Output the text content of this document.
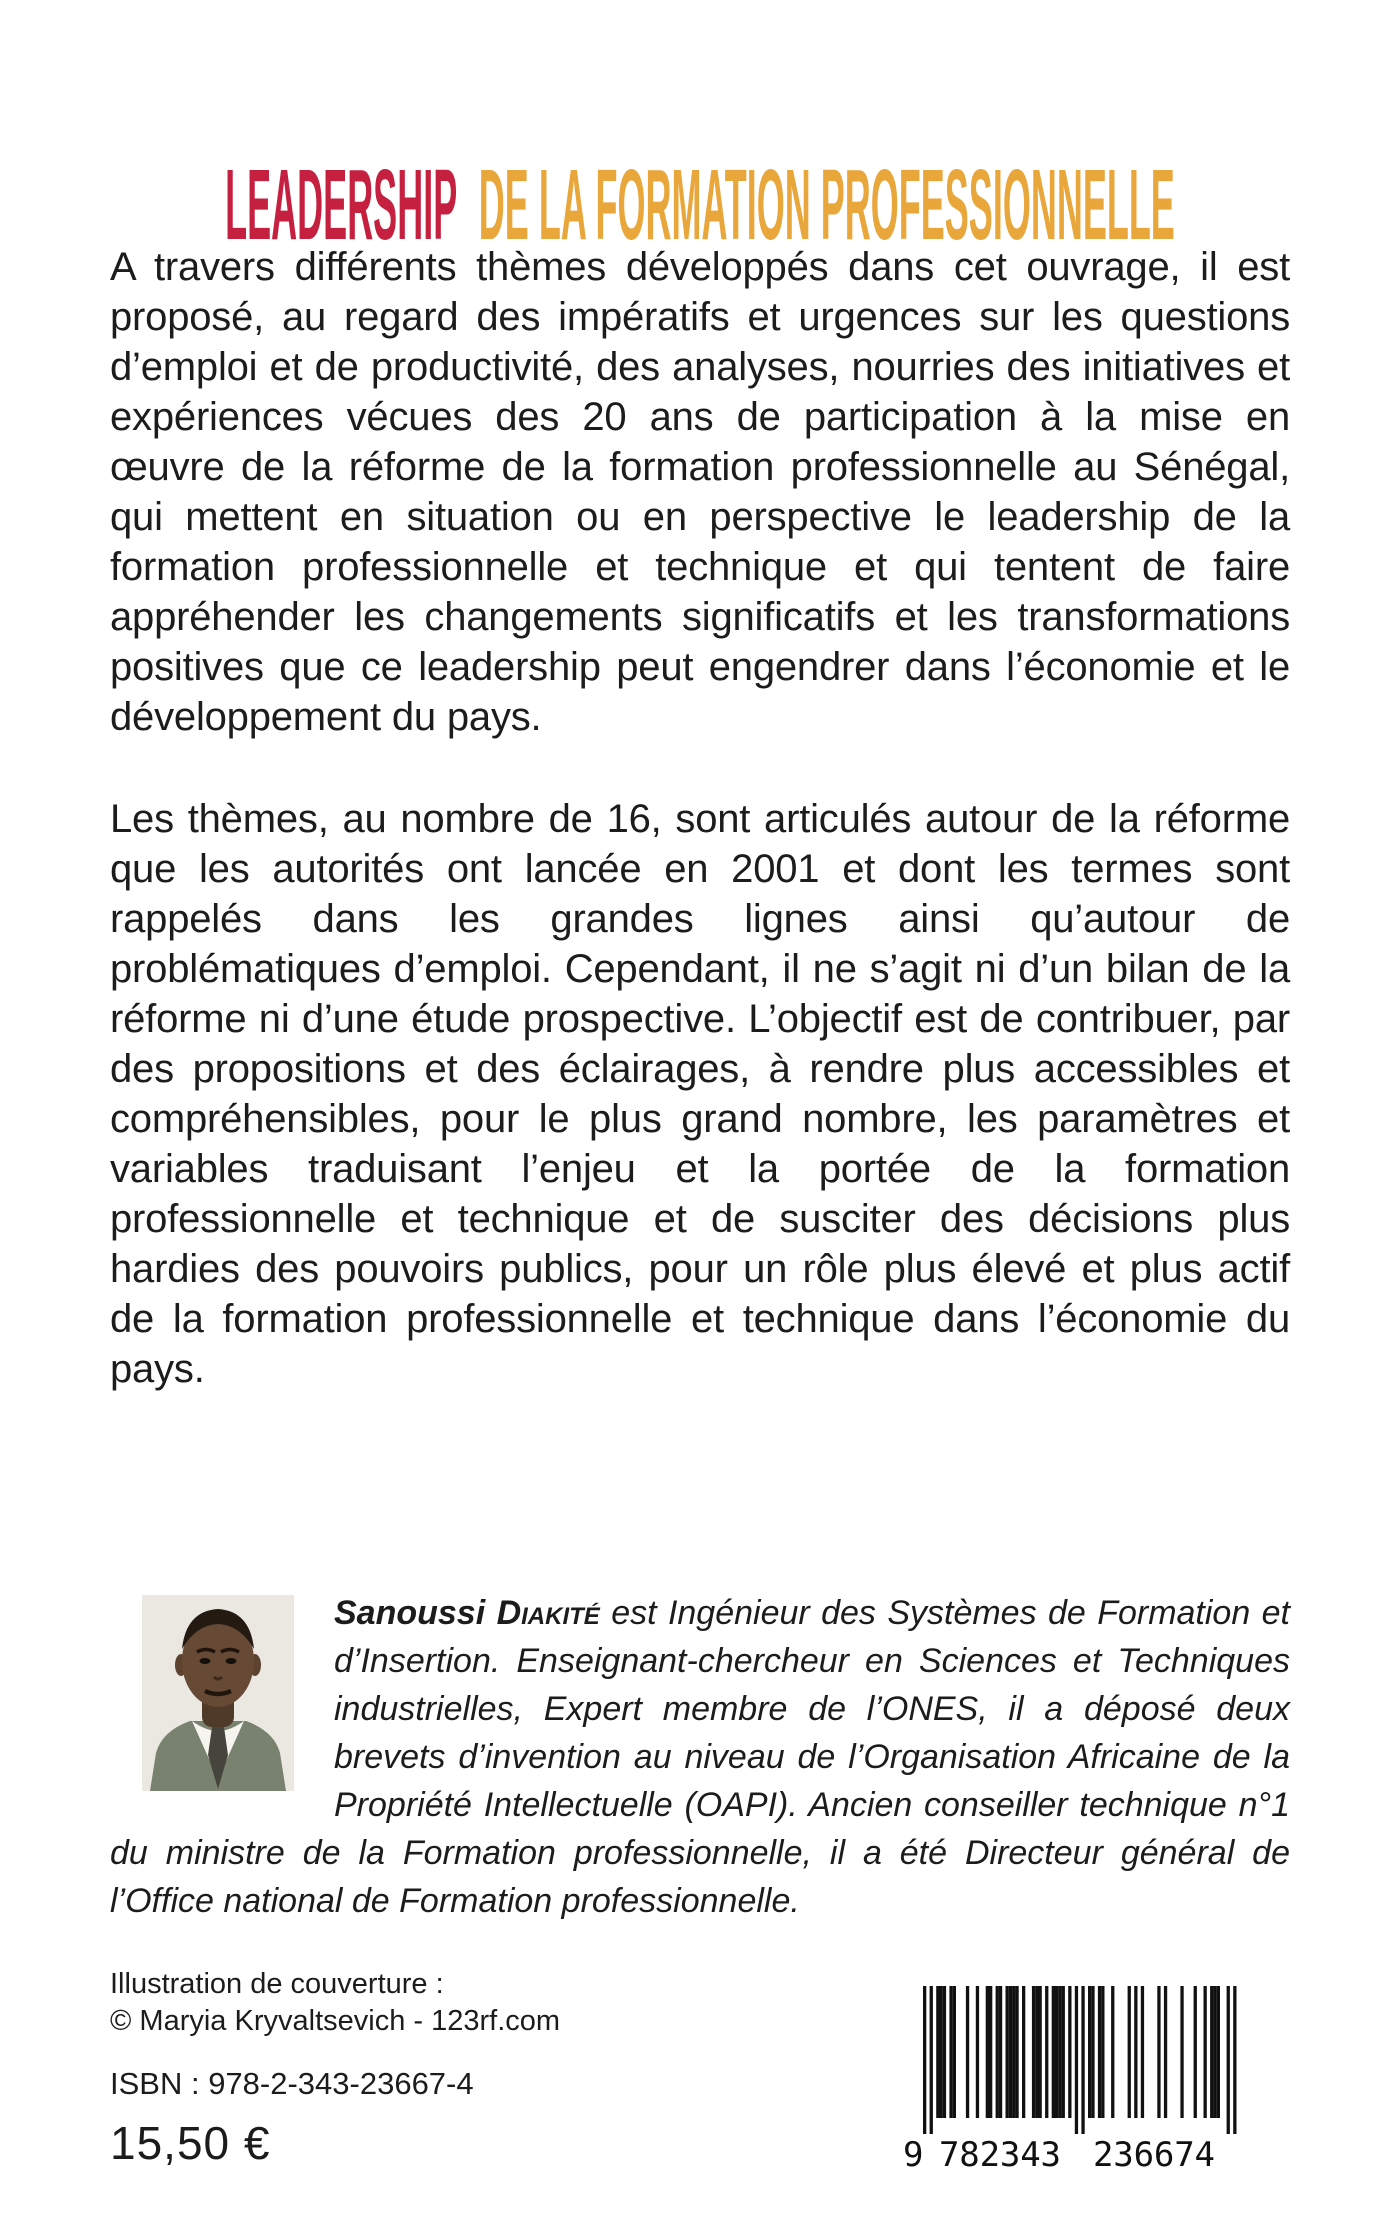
LEADERSHIP DE LA FORMATION PROFESSIONNELLE

A travers différents thèmes développés dans cet ouvrage, il est proposé, au regard des impératifs et urgences sur les questions d’emploi et de productivité, des analyses, nourries des initiatives et expériences vécues des 20 ans de participation à la mise en œuvre de la réforme de la formation professionnelle au Sénégal, qui mettent en situation ou en perspective le leadership de la formation professionnelle et technique et qui tentent de faire appréhender les changements significatifs et les transformations positives que ce leadership peut engendrer dans l’économie et le développement du pays.

Les thèmes, au nombre de 16, sont articulés autour de la réforme que les autorités ont lancée en 2001 et dont les termes sont rappelés dans les grandes lignes ainsi qu’autour de problématiques d’emploi. Cependant, il ne s’agit ni d’un bilan de la réforme ni d’une étude prospective. L’objectif est de contribuer, par des propositions et des éclairages, à rendre plus accessibles et compréhensibles, pour le plus grand nombre, les paramètres et variables traduisant l’enjeu et la portée de la formation professionnelle et technique et de susciter des décisions plus hardies des pouvoirs publics, pour un rôle plus élevé et plus actif de la formation professionnelle et technique dans l’économie du pays.

Sanoussi Diakité est Ingénieur des Systèmes de Formation et d’Insertion. Enseignant-chercheur en Sciences et Techniques industrielles, Expert membre de l’ONES, il a déposé deux brevets d’invention au niveau de l’Organisation Africaine de la Propriété Intellectuelle (OAPI). Ancien conseiller technique n°1 du ministre de la Formation professionnelle, il a été Directeur général de l’Office national de Formation professionnelle.
Illustration de couverture :
© Maryia Kryvaltsevich - 123rf.com
ISBN : 978-2-343-23667-4
15,50 €	9 782343 236674
